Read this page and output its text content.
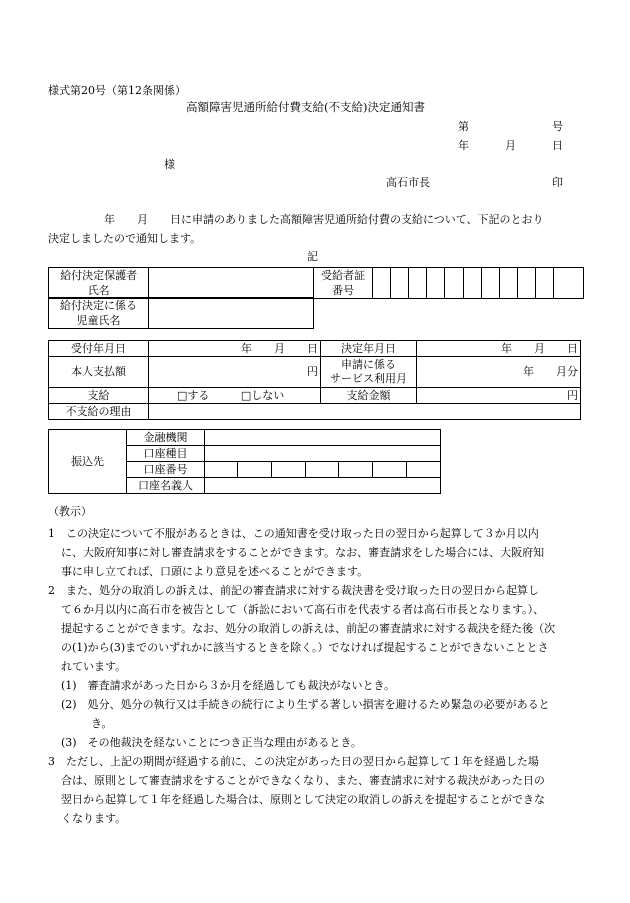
様式第20号（第12条関係）
高額障害児通所給付費支給(不支給)決定通知書
第	号
年	月	日
様
高石市長	印
年　　月　　日に申請のありました高額障害児通所給付費の支給について、下記のとおり
決定しましたので通知します。
記
給付決定保護者
氏名		受給者証
番号											
給付決定に係る
児童氏名	
受付年月日	年　　月　　日	決定年月日	年　　月　　日
本人支払額	円	申請に係る
サービス利用月	年　　月分
支給	□する □しない	支給金額	円
不支給の理由			
振込先	金融機関							
	口座種目							
	口座番号							
	口座名義人							
（教示）
1　この決定について不服があるときは、この通知書を受け取った日の翌日から起算して３か月以内
に、大阪府知事に対し審査請求をすることができます。なお、審査請求をした場合には、大阪府知
事に申し立てれば、口頭により意見を述べることができます。
2　また、処分の取消しの訴えは、前記の審査請求に対する裁決書を受け取った日の翌日から起算し
て６か月以内に高石市を被告として（訴訟において高石市を代表する者は高石市長となります。）、
提起することができます。なお、処分の取消しの訴えは、前記の審査請求に対する裁決を経た後（次
の(1)から(3)までのいずれかに該当するときを除く。）でなければ提起することができないこととさ
れています。
(1)　審査請求があった日から３か月を経過しても裁決がないとき。
(2)　処分、処分の執行又は手続きの続行により生ずる著しい損害を避けるため緊急の必要があると
き。
(3)　その他裁決を経ないことにつき正当な理由があるとき。
3　ただし、上記の期間が経過する前に、この決定があった日の翌日から起算して１年を経過した場
合は、原則として審査請求をすることができなくなり、また、審査請求に対する裁決があった日の
翌日から起算して１年を経過した場合は、原則として決定の取消しの訴えを提起することができな
くなります。
